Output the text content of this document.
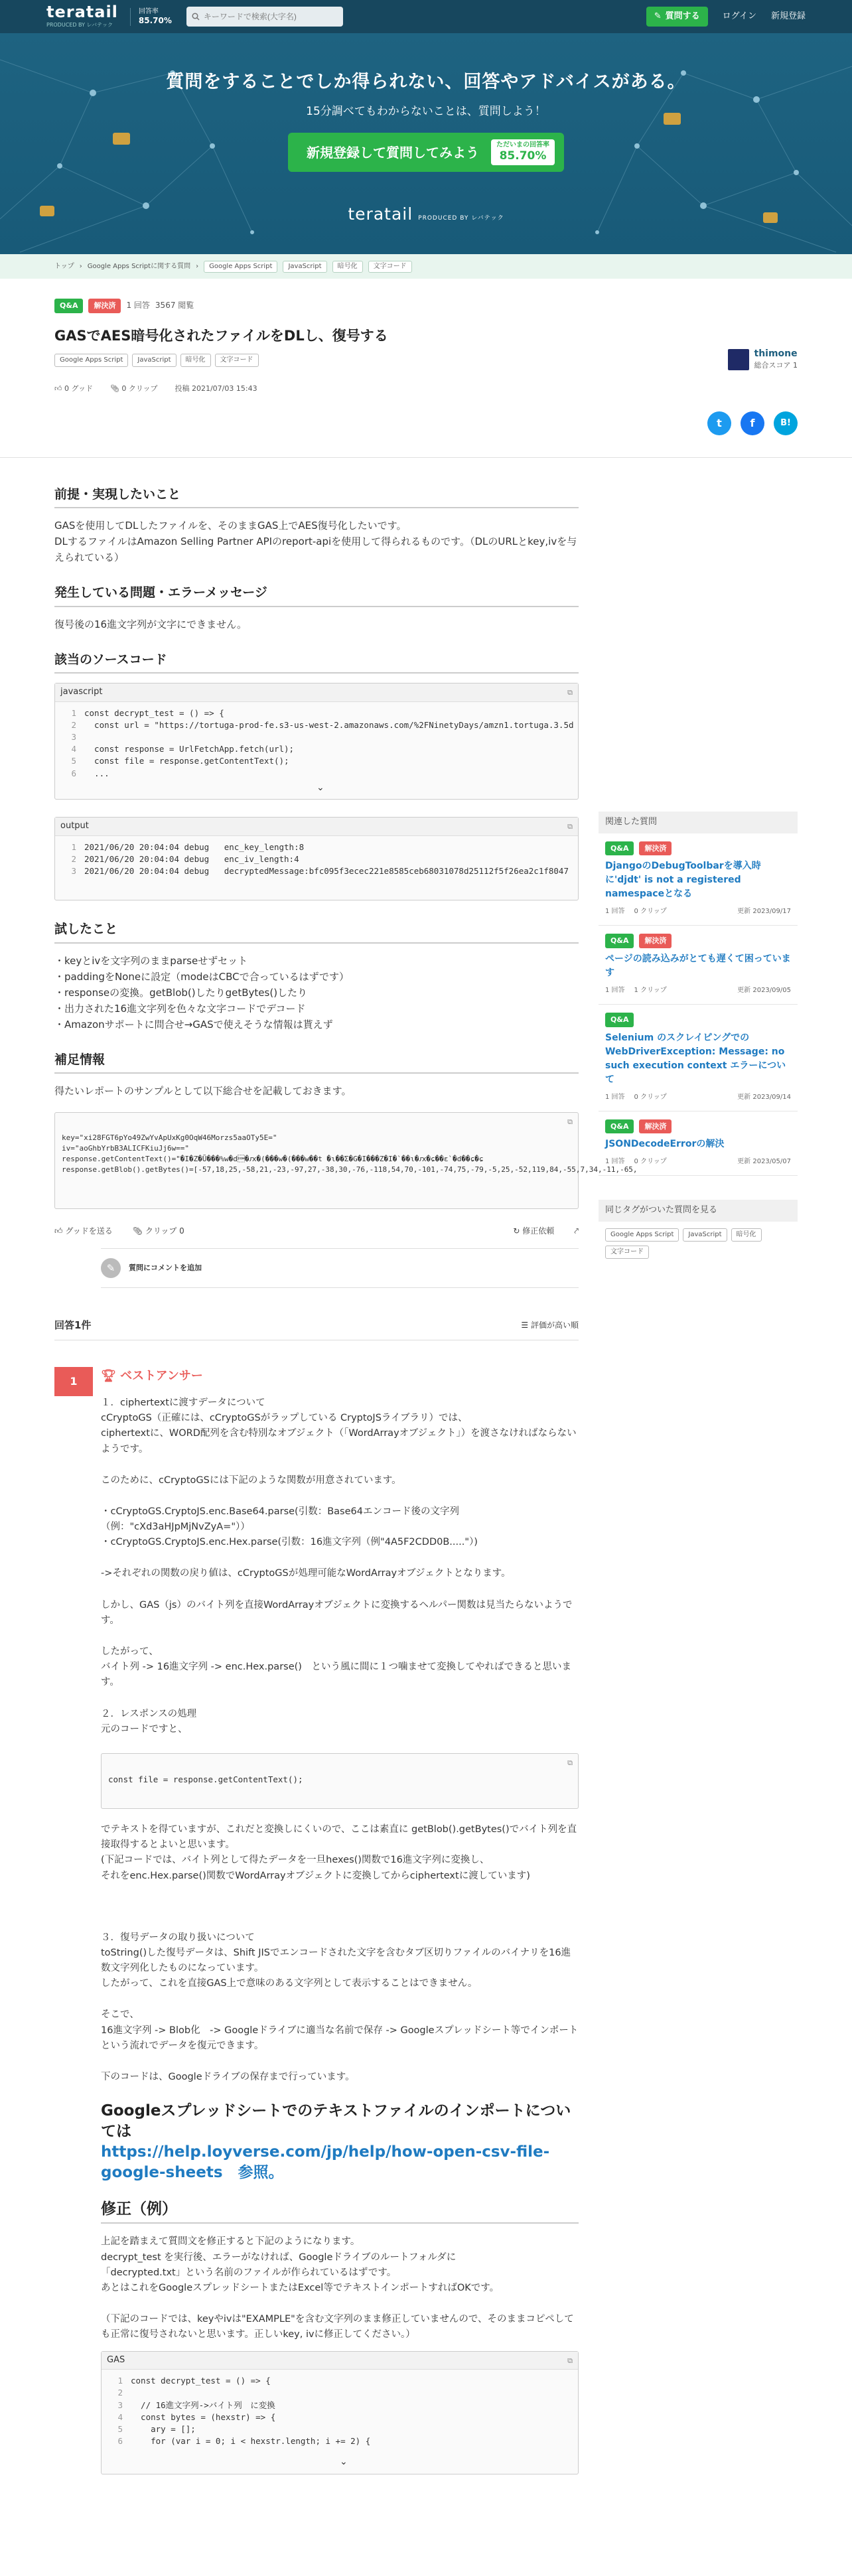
teratail
PRODUCED BY レバテック
回答率
85.70%
キーワードで検索(大字名)	✎ 質問する	ログイン 新規登録
質問をすることでしか得られない、回答やアドバイスがある。
15分調べてもわからないことは、質問しよう！
新規登録して質問してみよう	ただいまの回答率
85.70%
teratail PRODUCED BY レバテック
トップ › Google Apps Scriptに関する質問 ›	Google Apps Script	JavaScript	暗号化	文字コード
Q&A	解決済	1 回答 3567 閲覧
GASでAES暗号化されたファイルをDLし、復号する
Google Apps Script	JavaScript	暗号化	文字コード
👍︎ 0 グッド 📎︎ 0 クリップ 投稿 2021/07/03 15:43
thimone
総合スコア 1
t	f	B!
前提・実現したいこと
GASを使用してDLしたファイルを、そのままGAS上でAES復号化したいです。
DLするファイルはAmazon Selling Partner APIのreport-apiを使用して得られるものです。（DLのURLとkey,ivを与えられている）
発生している問題・エラーメッセージ
復号後の16進文字列が文字にできません。
該当のソースコード
javascript	⧉
1 const decrypt_test = () => {
2  const url = "https://tortuga-prod-fe.s3-us-west-2.amazonaws.com/%2FNinetyDays/amzn1.tortuga.3.5d
3
4  const response = UrlFetchApp.fetch(url);
5  const file = response.getContentText();
6  ...
⌄
output	⧉
1 2021/06/20 20:04:04 debug   enc_key_length:8
2 2021/06/20 20:04:04 debug   enc_iv_length:4
3 2021/06/20 20:04:04 debug   decryptedMessage:bfc095f3ecec221e8585ceb68031078d25112f5f26ea2c1f8047
試したこと
・keyとivを文字列のままparseせずセット
・paddingをNoneに設定（modeはCBCで合っているはずです）
・responseの変換。getBlob()したりgetBytes()したり
・出力された16進文字列を色々な文字コードでデコード
・Amazonサポートに問合せ→GASで使えそうな情報は貰えず
補足情報
得たいレポートのサンプルとして以下総合せを記載しておきます。
⧉
key="xi28FGT6pYo49ZwYvApUxKg0OqW46Morzs5aaOTy5E="
iv="aoGhbYrbB3ALICFKiuJj6w=="
response.getContentText()="�I�Z�Ũ���%w�d�ԕ�(���w�(���w��t �ɩ��Ʃ�G�I���Z�I�`��ɩ�ԕ�ɕ��ɛ`�d��ɕ�ɕ
response.getBlob().getBytes()=[-57,18,25,-58,21,-23,-97,27,-38,30,-76,-118,54,70,-101,-74,75,-79,-5,25,-52,119,84,-55,7,34,-11,-65,
👍︎ グッドを送る	📎︎ クリップ 0	↻ 修正依頼	⤤
✎	質問にコメントを追加
回答1件	☰ 評価が高い順
1	🏆︎ ベストアンサー

１．ciphertextに渡すデータについて

cCryptoGS（正確には、cCryptoGSがラップしている CryptoJSライブラリ）では、

ciphertextに、WORD配列を含む特別なオブジェクト（「WordArrayオブジェクト」）を渡さなければならないようです。

このために、cCryptoGSには下記のような関数が用意されています。

・cCryptoGS.CryptoJS.enc.Base64.parse(引数：Base64エンコード後の文字列

（例："cXd3aHJpMjNvZyA="））

・cCryptoGS.CryptoJS.enc.Hex.parse(引数：16進文字列（例"4A5F2CDD0B....."）)

->それぞれの関数の戻り値は、cCryptoGSが処理可能なWordArrayオブジェクトとなります。

しかし、GAS（js）のバイト列を直接WordArrayオブジェクトに変換するヘルパー関数は見当たらないようです。

したがって、

バイト列 -> 16進文字列 -> enc.Hex.parse()　という風に間に１つ噛ませて変換してやればできると思います。

２．レスポンスの処理

元のコードですと、

⧉
const file = response.getContentText();

でテキストを得ていますが、これだと変換しにくいので、ここは素直に getBlob().getBytes()でバイト列を直接取得するとよいと思います。

(下記コードでは、バイト列として得たデータを一旦hexes()関数で16進文字列に変換し、

それをenc.Hex.parse()関数でWordArrayオブジェクトに変換してからciphertextに渡しています)

３．復号データの取り扱いについて

toString()した復号データは、Shift JISでエンコードされた文字を含むタブ区切りファイルのバイナリを16進数文字列化したものになっています。

したがって、これを直接GAS上で意味のある文字列として表示することはできません。

そこで、

16進文字列 -> Blob化　-> Googleドライブに適当な名前で保存 -> Googleスプレッドシート等でインポート

という流れでデータを復元できます。

下のコードは、Googleドライブの保存まで行っています。

Googleスプレッドシートでのテキストファイルのインポートについては
https://help.loyverse.com/jp/help/how-open-csv-file-google-sheets　参照。
修正（例）

上記を踏まえて質問文を修正すると下記のようになります。

decrypt_test を実行後、エラーがなければ、Googleドライブのルートフォルダに

「decrypted.txt」という名前のファイルが作られているはずです。

あとはこれをGoogleスプレッドシートまたはExcel等でテキストインポートすればOKです。

（下記のコードでは、keyやivは"EXAMPLE"を含む文字列のまま修正していませんので、そのままコピペしても正常に復号されないと思います。正しいkey, ivに修正してください。）

GAS	⧉
1 const decrypt_test = () => {
2
3  // 16進文字列->バイト列　に変換
4  const bytes = (hexstr) => {
5    ary = [];
6    for (var i = 0; i < hexstr.length; i += 2) {
⌄
関連した質問
Q&A	解決済
DjangoのDebugToolbarを導入時に'djdt' is not a registered namespaceとなる
1 回答 0 クリップ	更新 2023/09/17
Q&A	解決済
ページの読み込みがとても遅くて困っています
1 回答 1 クリップ	更新 2023/09/05
Q&A
Selenium のスクレイピングでの WebDriverException: Message: no such execution context エラーについて
1 回答 0 クリップ	更新 2023/09/14
Q&A	解決済
JSONDecodeErrorの解決
1 回答 0 クリップ	更新 2023/05/07
同じタグがついた質問を見る
Google Apps Script	JavaScript	暗号化
文字コード
